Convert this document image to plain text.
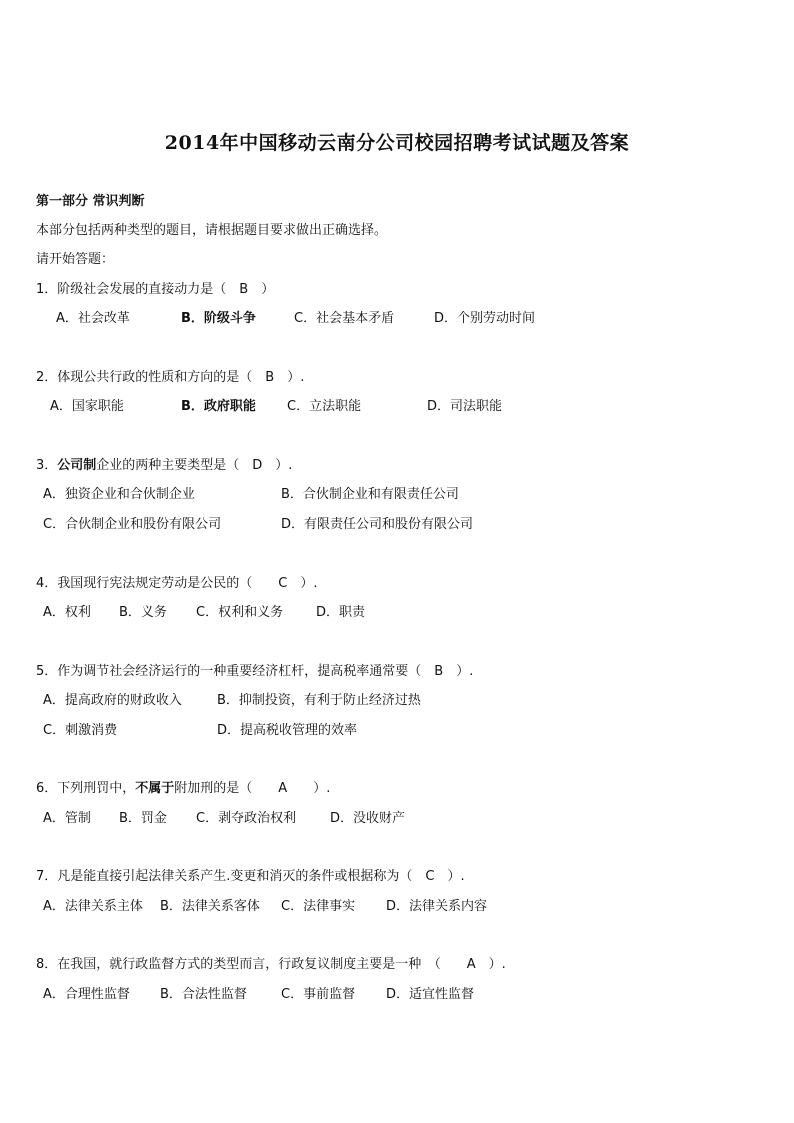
2014年中国移动云南分公司校园招聘考试试题及答案
第一部分 常识判断
本部分包括两种类型的题目，请根据题目要求做出正确选择。
请开始答题：
1．阶级社会发展的直接动力是（　B　）
A．社会改革	B．阶级斗争	C．社会基本矛盾	D．个别劳动时间
2．体现公共行政的性质和方向的是（　B　）.
A．国家职能	B．政府职能 C．立法职能	D．司法职能
3．公司制企业的两种主要类型是（　D　）.
A．独资企业和合伙制企业	B．合伙制企业和有限责任公司
C．合伙制企业和股份有限公司	D．有限责任公司和股份有限公司
4．我国现行宪法规定劳动是公民的（　　C　）.
A．权利 B．义务 C．权利和义务	D．职责
5．作为调节社会经济运行的一种重要经济杠杆，提高税率通常要（　B　）.
A．提高政府的财政收入	B．抑制投资，有利于防止经济过热
C．刺激消费	D．提高税收管理的效率
6．下列刑罚中，不属于附加刑的是（　　A　　）.
A．管制 B．罚金 C．剥夺政治权利	D．没收财产
7．凡是能直接引起法律关系产生.变更和消灭的条件或根据称为（　C　）.
A．法律关系主体 B．法律关系客体 C．法律事实 D．法律关系内容
8．在我国，就行政监督方式的类型而言，行政复议制度主要是一种　（　　A　）.
A．合理性监督 B．合法性监督	C．事前监督 D．适宜性监督
